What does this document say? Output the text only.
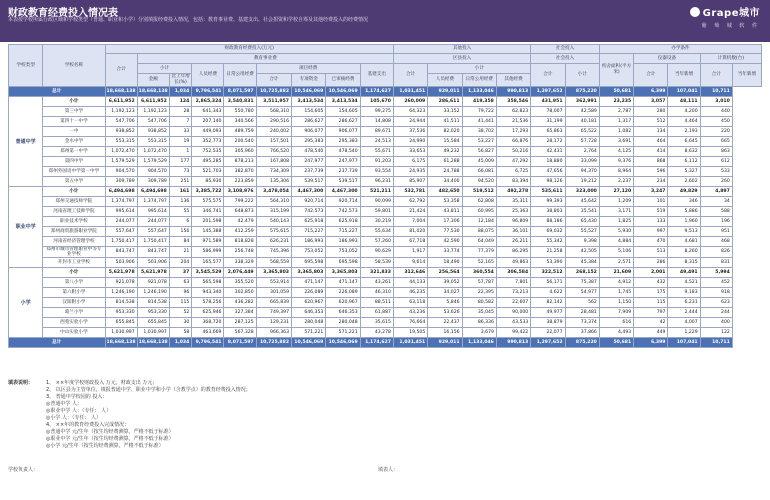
财政教育经费投入情况表
本表按学校所属行政区域和学校类型（普通、职业和小学）分别填报经费投入情况，包括：教育事业费、基建支出、社会捐资和学校自筹及其他经费投入的经费情况
Grape城市
葡 萄 城 软 件
学校类型	学校名称	财政教育经费投入(万元)									其他投入				社会投入		办学条件				
		合计	教育事业费								区县投入				社会投入		校舍面积(平方米)	仪器设备		计算机数(台)	
			小计		人员经费	日常公用经费	项目经费			基建支出	合计	小计			合计	小计		合计	当年新增	合计	当年新增
			金额	比上年增长(%)			合计	专项资金	已审核经费			人员经费	日常公用经费	其他经费							
总计		18,668,138	18,668,138	1,034	9,796,541	8,071,597	10,725,882	10,546,069	10,546,069	1,174,627	1,031,451	929,011	1,133,046	990,813	1,297,652	875,220	50,681	6,399	107,041	10,711	
普通中学	小计	6,611,952	6,611,952	124	2,865,324	3,540,831	3,511,957	3,413,534	3,413,534	105,670	260,009	286,611	419,358	358,546	431,951	362,991	23,235	3,057	48,111	3,010	
	第三中学	1,192,123	1,192,123	28	641,343	550,780	568,310	154,605	154,605	99,275	64,323	33,152	79,722	62,823	78,007	42,589	2,787	280	4,200	440	
	第四十一中学	547,706	547,706	7	207,140	340,566	290,516	286,627	286,627	14,808	24,944	41,511	41,441	21,536	31,199	40,181	1,317	512	4,464	450	
	一中	938,852	938,852	33	449,093	489,759	240,002	906,077	906,077	89,671	37,536	82,020	38,702	17,293	65,863	65,522	1,082	134	2,193	220	
	金水中学	553,315	553,315	19	352,773	200,540	157,501	295,383	295,383	24,513	24,990	15,584	53,227	66,876	28,172	57,728	3,691	464	6,645	665	
	郑州第一中学	1,072,470	1,072,470	1	752,535	305,960	766,520	478,540	478,540	55,671	33,653	49,232	56,827	50,216	42,431	2,764	4,125	414	8,632	863	
	第四中学	1,579,529	1,579,529	177	495,285	878,213	167,808	247,977	247,977	91,203	6,175	61,288	45,009	47,292	18,880	33,099	9,376	868	6,112	612	
	郑州外国语中学第一中学	904,570	904,570	73	521,703	382,870	734,309	237,739	237,739	93,554	24,935	24,788	66,081	6,725	47,656	94,370	8,964	596	5,327	533	
	第五中学	309,789	309,789	251	85,930	223,859	135,306	539,517	539,517	96,231	85,907	34,400	94,520	83,394	98,126	19,212	2,237	234	2,602	260	
职业中学	小计	6,494,698	6,494,698	161	3,385,722	3,108,976	3,478,054	4,467,300	4,467,300	521,211	532,781	482,650	519,512	492,278	535,611	323,000	27,120	3,247	49,829	4,897	
	郑州交通技师学院	1,374,797	1,374,797	136	575,575	799,222	564,310	920,714	920,714	90,099	62,792	53,358	62,808	35,311	99,393	45,642	1,209	101	346	34	
	河南省理工技师学院	995,614	995,614	55	346,741	648,873	315,199	742,573	742,573	59,801	21,424	43,811	60,995	25,363	38,803	35,541	3,171	519	5,886	588	
	职业技术学校	244,077	244,077	6	201,598	42,479	540,143	625,918	625,918	30,219	7,004	17,306	12,184	96,809	88,186	65,430	1,825	133	1,960	196	
	郑州商贸旅游职业学院	557,647	557,647	156	145,388	412,259	575,615	715,227	715,227	55,634	81,020	77,530	88,075	36,101	69,032	55,527	5,930	997	9,513	951	
	河南省经济管理学校	1,750,417	1,750,417	84	971,589	818,828	626,231	186,993	186,993	57,260	67,718	42,590	64,049	26,211	55,342	9,398	4,884	470	4,681	468	
	郑州市城市管理职业中等专业学校	843,747	843,747	21	586,999	256,748	745,396	753,052	753,052	90,629	1,917	33,774	77,379	86,295	21,258	42,505	5,106	513	8,260	826	
	开封市工业学校	503,906	503,906	204	165,577	338,329	568,559	695,598	695,598	58,539	9,614	18,490	52,165	49,863	53,390	45,384	2,571	286	8,315	831	
小学	小计	5,621,978	5,621,978	37	3,545,529	2,076,449	3,365,803	3,365,803	3,365,803	321,833	312,646	256,564	360,554	306,584	322,512	268,152	21,609	2,001	49,491	5,994	
	第八小学	921,078	921,078	63	565,598	355,520	553,914	471,147	471,147	43,261	44,133	39,052	57,787	7,801	56,171	75,387	4,912	432	4,521	452	
	第六附小学	1,246,190	1,246,190	96	943,340	302,850	301,059	226,089	226,089	46,310	46,235	34,027	22,395	73,213	4,622	54,977	1,745	175	9,183	918	
	汉阳附小学	814,538	814,538	115	578,256	436,282	665,839	620,967	620,967	88,511	63,118	5,846	80,582	22,607	82,142	562	1,150	115	6,231	623	
	葛兰小学	953,330	953,330	52	625,946	327,384	749,397	646,353	646,353	61,887	43,236	53,626	35,045	90,000	49,977	28,481	7,909	797	2,444	244	
	西苑实验小学	655,845	655,845	30	368,720	287,125	129,231	280,048	280,048	35,615	76,664	22,437	86,336	43,533	38,879	73,374	616	42	4,007	400	
	中山实验小学	1,030,997	1,030,997	58	463,669	567,328	966,363	571,221	571,221	43,278	19,505	16,156	3,679	99,422	22,077	37,866	4,493	449	1,229	122	
总计		18,668,138	18,668,138	1,034	9,796,541	8,071,597	10,725,882	10,546,069	10,546,069	1,174,627	1,031,451	929,011	1,133,046	990,813	1,297,652	875,220	50,681	6,399	107,041	10,711	
填表说明：	1、 ××年度学校财政投入 万元，财政支出 万元；
2、 以区县为主管单位，填报普通中学、职业中学和小学（含教学点）的教育经费投入情况；
3、 普通中学校园的 投入：
◎普通中学 人：
◎职业中学 人：（专任： 人）
◎小学 人：（专任： 人）
4、 ××年的教育经费投入完成情况：
◎普通中学 元/生年（按生均经费测算，严格不低于标准）
◎职业中学 元/生年（按生均经费测算，严格不低于标准）
◎小学 元/生年（按生均经费测算，严格不低于标准）
学校负责人：	填表人：
